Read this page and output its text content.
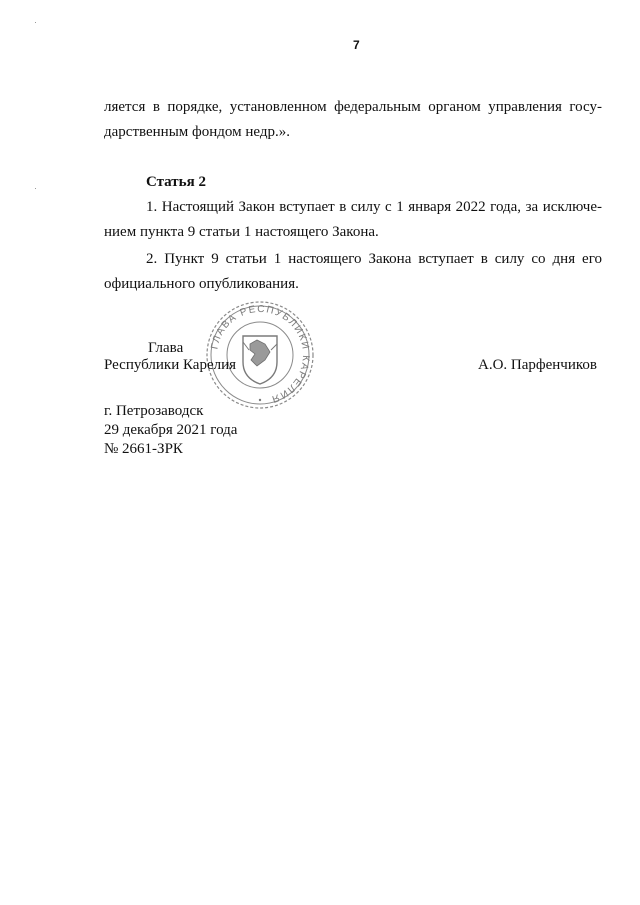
7
ляется в порядке, установленном федеральным органом управления госу-
дарственным фондом недр.».
Статья 2
1. Настоящий Закон вступает в силу с 1 января 2022 года, за исключе-
нием пункта 9 статьи 1 настоящего Закона.
2. Пункт 9 статьи 1 настоящего Закона вступает в силу со дня его
официального опубликования.
ГЛАВА РЕСПУБЛИКИ КАРЕЛИЯ
Глава
Республики Карелия	А.О. Парфенчиков
г. Петрозаводск
29 декабря 2021 года
№ 2661-ЗРК
